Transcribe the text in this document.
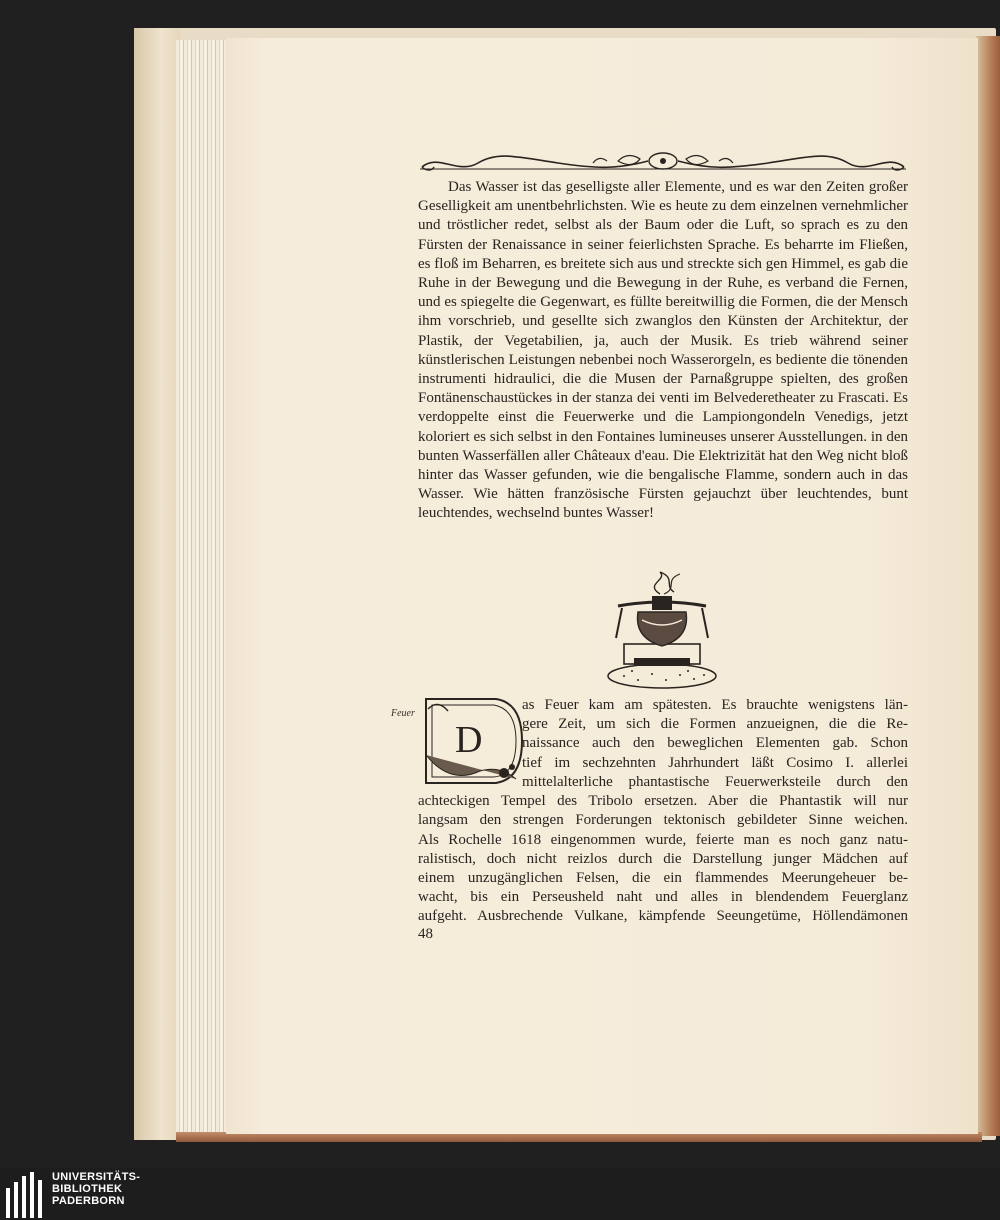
Das Wasser ist das geselligste aller Elemente, und es war den Zeiten großer Geselligkeit am unentbehrlichsten. Wie es heute zu dem einzelnen vernehmlicher und tröstlicher redet, selbst als der Baum oder die Luft, so sprach es zu den Fürsten der Renaissance in seiner feierlichsten Sprache. Es beharrte im Fließen, es floß im Beharren, es breitete sich aus und streckte sich gen Himmel, es gab die Ruhe in der Bewegung und die Bewegung in der Ruhe, es verband die Fernen, und es spiegelte die Gegenwart, es füllte bereitwillig die Formen, die der Mensch ihm vorschrieb, und gesellte sich zwanglos den Künsten der Architektur, der Plastik, der Vegetabilien, ja, auch der Musik. Es trieb während seiner künstlerischen Leistungen nebenbei noch Wasserorgeln, es bediente die tönenden instrumenti hidraulici, die die Musen der Parnaßgruppe spielten, des großen Fontänenschaustückes in der stanza dei venti im Belvederetheater zu Frascati. Es verdoppelte einst die Feuerwerke und die Lampiongondeln Venedigs, jetzt koloriert es sich selbst in den Fontaines lumineuses unserer Ausstellungen. in den bunten Wasserfällen aller Châteaux d'eau. Die Elektrizität hat den Weg nicht bloß hinter das Wasser gefunden, wie die bengalische Flamme, sondern auch in das Wasser. Wie hätten französische Fürsten gejauchzt über leuchtendes, bunt leuchtendes, wechselnd buntes Wasser!

Feuer
D
as Feuer kam am spätesten. Es brauchte wenigstens län-
gere Zeit, um sich die Formen anzueignen, die die Re-
naissance auch den beweglichen Elementen gab. Schon
tief im sechzehnten Jahrhundert läßt Cosimo I. allerlei
mittelalterliche phantastische Feuerwerksteile durch den
achteckigen Tempel des Tribolo ersetzen. Aber die Phantastik will nur
langsam den strengen Forderungen tektonisch gebildeter Sinne weichen.
Als Rochelle 1618 eingenommen wurde, feierte man es noch ganz natu-
ralistisch, doch nicht reizlos durch die Darstellung junger Mädchen auf
einem unzugänglichen Felsen, die ein flammendes Meerungeheuer be-
wacht, bis ein Perseusheld naht und alles in blendendem Feuerglanz
aufgeht. Ausbrechende Vulkane, kämpfende Seeungetüme, Höllendämonen
48
UNIVERSITÄTS-
BIBLIOTHEK
PADERBORN
